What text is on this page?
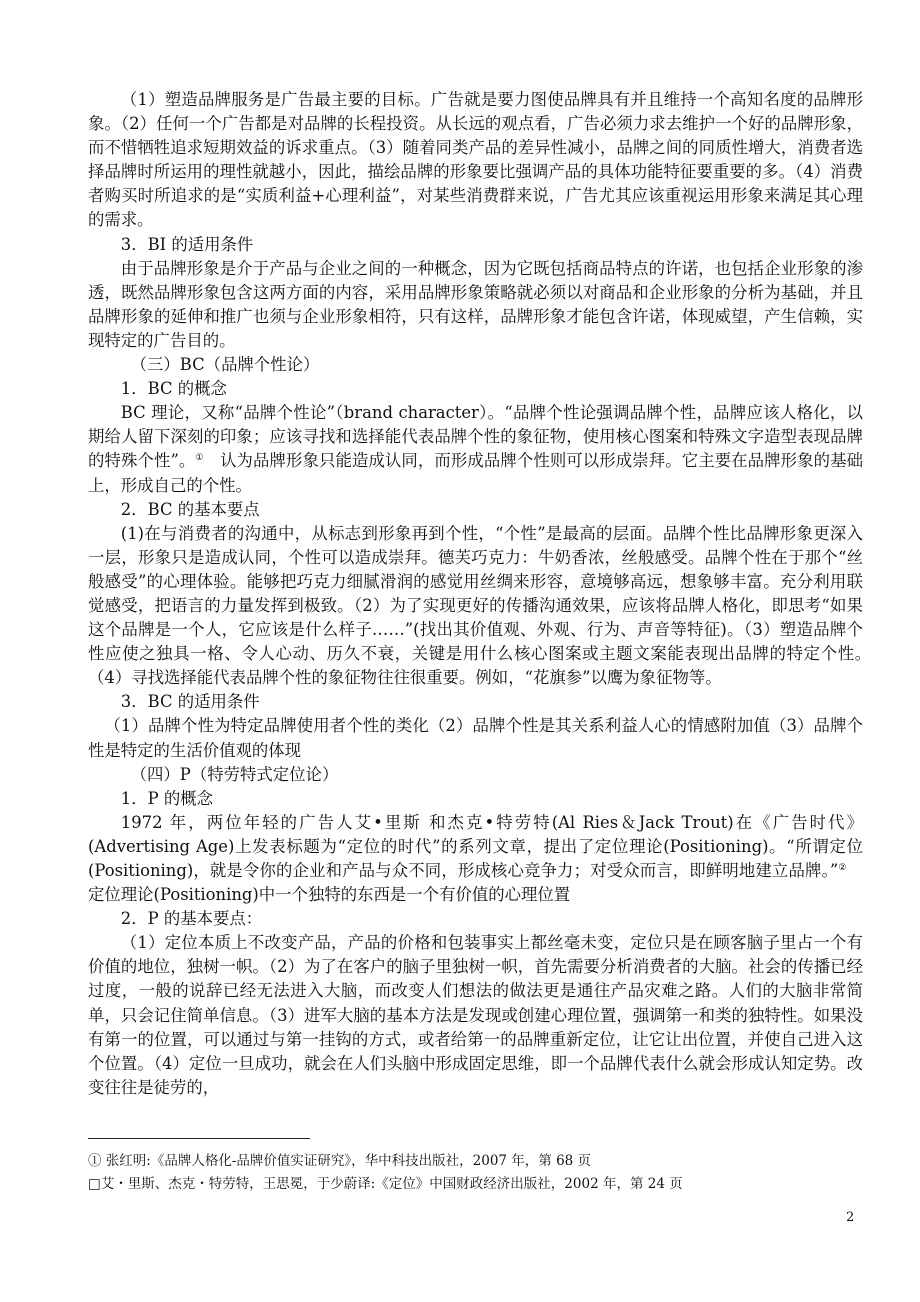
（1）塑造品牌服务是广告最主要的目标。广告就是要力图使品牌具有并且维持一个高知名度的品牌形象。（2）任何一个广告都是对品牌的长程投资。从长远的观点看，广告必须力求去维护一个好的品牌形象，而不惜牺牲追求短期效益的诉求重点。（3）随着同类产品的差异性减小，品牌之间的同质性增大，消费者选择品牌时所运用的理性就越小，因此，描绘品牌的形象要比强调产品的具体功能特征要重要的多。（4）消费者购买时所追求的是“实质利益+心理利益”，对某些消费群来说，广告尤其应该重视运用形象来满足其心理的需求。

3．BI 的适用条件

由于品牌形象是介于产品与企业之间的一种概念，因为它既包括商品特点的许诺，也包括企业形象的渗透，既然品牌形象包含这两方面的内容，采用品牌形象策略就必须以对商品和企业形象的分析为基础，并且品牌形象的延伸和推广也须与企业形象相符，只有这样，品牌形象才能包含许诺，体现威望，产生信赖，实现特定的广告目的。

（三）BC（品牌个性论）

1．BC 的概念

BC 理论，又称“品牌个性论”（brand character）。“品牌个性论强调品牌个性，品牌应该人格化，以期给人留下深刻的印象；应该寻找和选择能代表品牌个性的象征物，使用核心图案和特殊文字造型表现品牌的特殊个性”。①　认为品牌形象只能造成认同，而形成品牌个性则可以形成崇拜。它主要在品牌形象的基础上，形成自己的个性。

2．BC 的基本要点

(1)在与消费者的沟通中，从标志到形象再到个性，“个性”是最高的层面。品牌个性比品牌形象更深入一层，形象只是造成认同，个性可以造成崇拜。德芙巧克力：牛奶香浓，丝般感受。品牌个性在于那个“丝般感受”的心理体验。能够把巧克力细腻滑润的感觉用丝绸来形容，意境够高远，想象够丰富。充分利用联觉感受，把语言的力量发挥到极致。（2）为了实现更好的传播沟通效果，应该将品牌人格化，即思考“如果这个品牌是一个人，它应该是什么样子……”(找出其价值观、外观、行为、声音等特征)。（3）塑造品牌个性应使之独具一格、令人心动、历久不衰，关键是用什么核心图案或主题文案能表现出品牌的特定个性。　（4）寻找选择能代表品牌个性的象征物往往很重要。例如，“花旗参”以鹰为象征物等。

3．BC 的适用条件

（1）品牌个性为特定品牌使用者个性的类化（2）品牌个性是其关系利益人心的情感附加值（3）品牌个性是特定的生活价值观的体现

（四）P（特劳特式定位论）

1．P 的概念

1972 年，两位年轻的广告人艾•里斯 和杰克•特劳特(Al Ries＆Jack Trout)在《广告时代》(Advertising Age)上发表标题为“定位的时代”的系列文章，提出了定位理论(Positioning)。“所谓定位(Positioning)，就是令你的企业和产品与众不同，形成核心竞争力；对受众而言，即鲜明地建立品牌。”②　定位理论(Positioning)中一个独特的东西是一个有价值的心理位置

2．P 的基本要点：

（1）定位本质上不改变产品，产品的价格和包装事实上都丝毫未变，定位只是在顾客脑子里占一个有价值的地位，独树一帜。（2）为了在客户的脑子里独树一帜，首先需要分析消费者的大脑。社会的传播已经过度，一般的说辞已经无法进入大脑，而改变人们想法的做法更是通往产品灾难之路。人们的大脑非常简单，只会记住简单信息。（3）进军大脑的基本方法是发现或创建心理位置，强调第一和类的独特性。如果没有第一的位置，可以通过与第一挂钩的方式，或者给第一的品牌重新定位，让它让出位置，并使自己进入这个位置。（4）定位一旦成功，就会在人们头脑中形成固定思维，即一个品牌代表什么就会形成认知定势。改变往往是徒劳的，

① 张红明:《品牌人格化-品牌价值实证研究》，华中科技出版社，2007 年，第 68 页
□艾・里斯、杰克・特劳特，王思冕，于少蔚译:《定位》中国财政经济出版社，2002 年，第 24 页
2
